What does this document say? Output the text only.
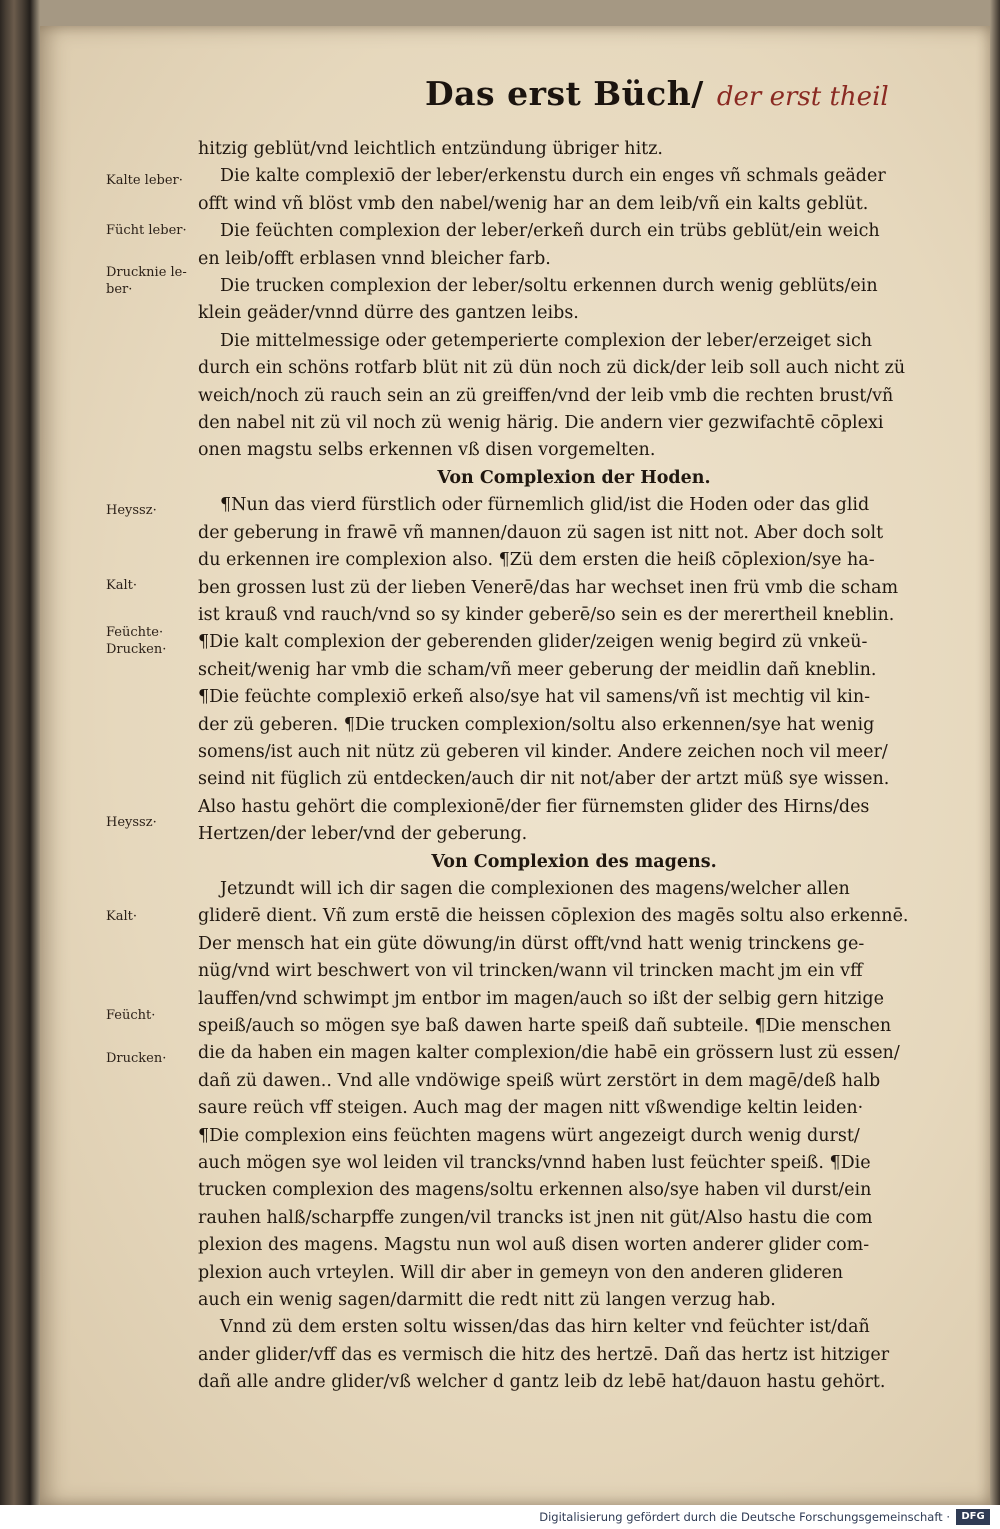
Das erst Büch/ der erst theil
Kalte leber·
Fücht leber·
Drucknie le-ber·
Heyssz·
Kalt·
Feüchte·
Drucken·
Heyssz·
Kalt·
Feücht·
Drucken·
hitzig geblüt/vnd leichtlich entzündung übriger hitz.
Die kalte complexiō der leber/erkenstu durch ein enges vñ schmals geäder
offt wind vñ blöst vmb den nabel/wenig har an dem leib/vñ ein kalts geblüt.
Die feüchten complexion der leber/erkeñ durch ein trübs geblüt/ein weich
en leib/offt erblasen vnnd bleicher farb.
Die trucken complexion der leber/soltu erkennen durch wenig geblüts/ein
klein geäder/vnnd dürre des gantzen leibs.
Die mittelmessige oder getemperierte complexion der leber/erzeiget sich
durch ein schöns rotfarb blüt nit zü dün noch zü dick/der leib soll auch nicht zü
weich/noch zü rauch sein an zü greiffen/vnd der leib vmb die rechten brust/vñ
den nabel nit zü vil noch zü wenig härig. Die andern vier gezwifachtē cōplexi
onen magstu selbs erkennen vß disen vorgemelten.
Von Complexion der Hoden.
¶Nun das vierd fürstlich oder fürnemlich glid/ist die Hoden oder das glid
der geberung in frawē vñ mannen/dauon zü sagen ist nitt not. Aber doch solt
du erkennen ire complexion also. ¶Zü dem ersten die heiß cōplexion/sye ha-
ben grossen lust zü der lieben Venerē/das har wechset inen frü vmb die scham
ist krauß vnd rauch/vnd so sy kinder geberē/so sein es der merertheil kneblin.
¶Die kalt complexion der geberenden glider/zeigen wenig begird zü vnkeü-
scheit/wenig har vmb die scham/vñ meer geberung der meidlin dañ kneblin.
¶Die feüchte complexiō erkeñ also/sye hat vil samens/vñ ist mechtig vil kin-
der zü geberen. ¶Die trucken complexion/soltu also erkennen/sye hat wenig
somens/ist auch nit nütz zü geberen vil kinder. Andere zeichen noch vil meer/
seind nit füglich zü entdecken/auch dir nit not/aber der artzt müß sye wissen.
Also hastu gehört die complexionē/der fier fürnemsten glider des Hirns/des
Hertzen/der leber/vnd der geberung.
Von Complexion des magens.
Jetzundt will ich dir sagen die complexionen des magens/welcher allen
gliderē dient. Vñ zum erstē die heissen cōplexion des magēs soltu also erkennē.
Der mensch hat ein güte döwung/in dürst offt/vnd hatt wenig trinckens ge-
nüg/vnd wirt beschwert von vil trincken/wann vil trincken macht jm ein vff
lauffen/vnd schwimpt jm entbor im magen/auch so ißt der selbig gern hitzige
speiß/auch so mögen sye baß dawen harte speiß dañ subteile. ¶Die menschen
die da haben ein magen kalter complexion/die habē ein grössern lust zü essen/
dañ zü dawen.. Vnd alle vndöwige speiß würt zerstört in dem magē/deß halb
saure reüch vff steigen. Auch mag der magen nitt vßwendige keltin leiden·
¶Die complexion eins feüchten magens würt angezeigt durch wenig durst/
auch mögen sye wol leiden vil trancks/vnnd haben lust feüchter speiß. ¶Die
trucken complexion des magens/soltu erkennen also/sye haben vil durst/ein
rauhen halß/scharpffe zungen/vil trancks ist jnen nit güt/Also hastu die com
plexion des magens. Magstu nun wol auß disen worten anderer glider com-
plexion auch vrteylen. Will dir aber in gemeyn von den anderen glideren
auch ein wenig sagen/darmitt die redt nitt zü langen verzug hab.
Vnnd zü dem ersten soltu wissen/das das hirn kelter vnd feüchter ist/dañ
ander glider/vff das es vermisch die hitz des hertzē. Dañ das hertz ist hitziger
dañ alle andre glider/vß welcher d gantz leib dz lebē hat/dauon hastu gehört.
Digitalisierung gefördert durch die Deutsche Forschungsgemeinschaft ·	DFG
